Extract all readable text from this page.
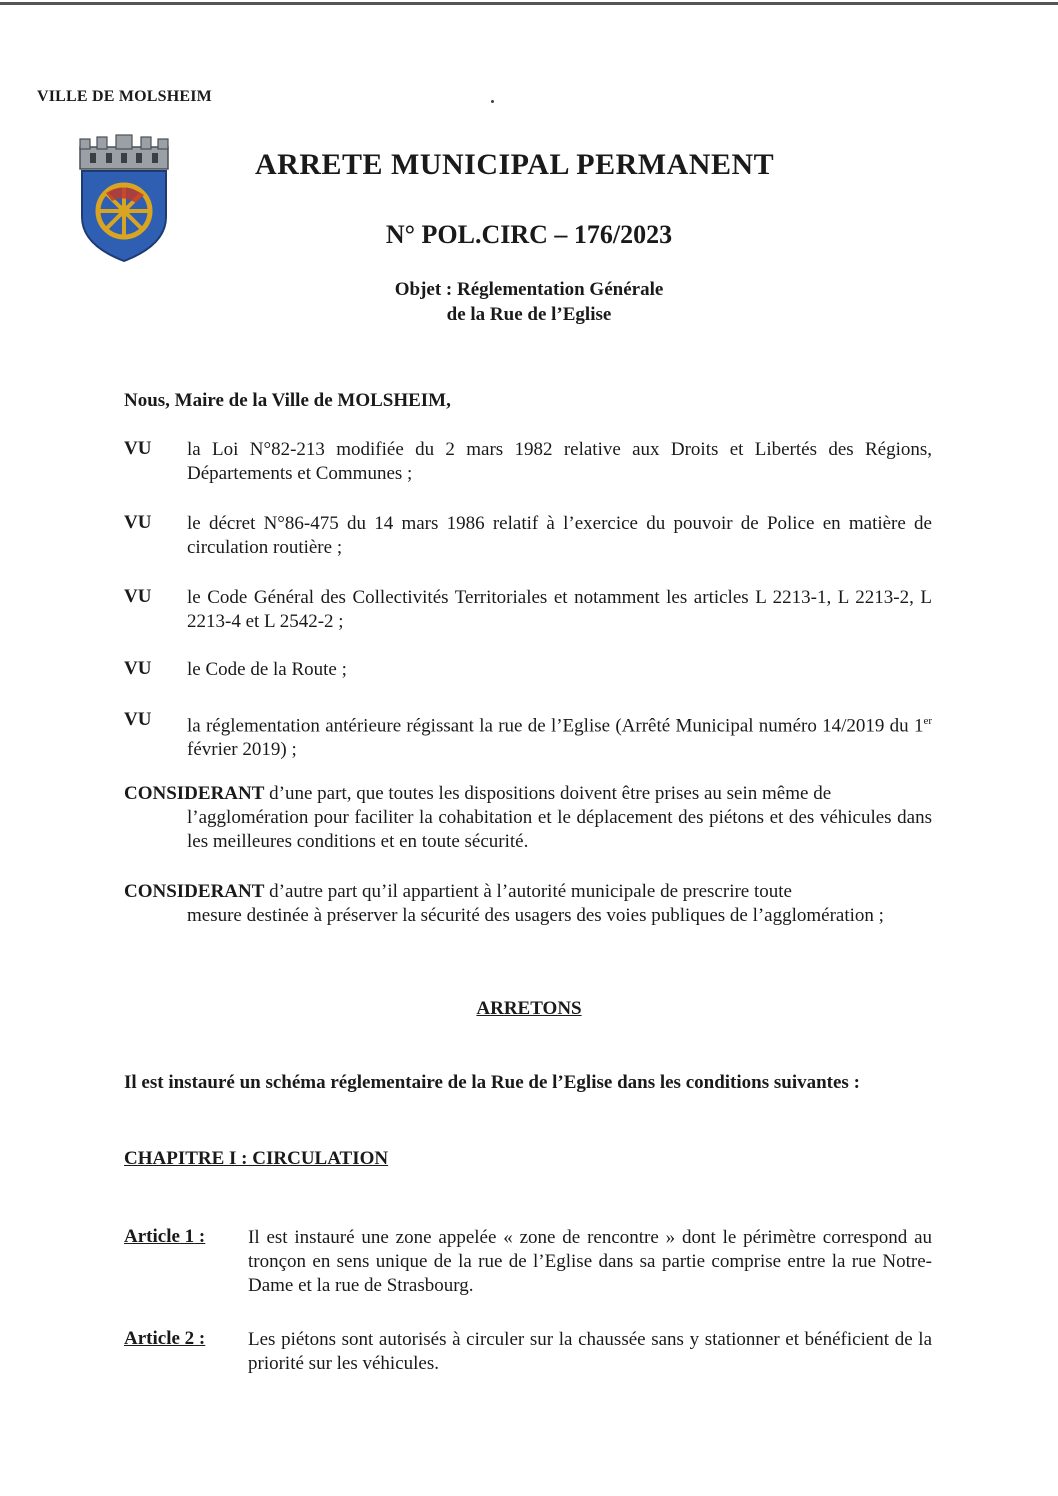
VILLE DE MOLSHEIM
ARRETE MUNICIPAL PERMANENT
N° POL.CIRC – 176/2023
Objet : Réglementation Générale
de la Rue de l’Eglise
Nous, Maire de la Ville de MOLSHEIM,
VU la Loi N°82-213 modifiée du 2 mars 1982 relative aux Droits et Libertés des Régions, Départements et Communes ;
VU le décret N°86-475 du 14 mars 1986 relatif à l’exercice du pouvoir de Police en matière de circulation routière ;
VU le Code Général des Collectivités Territoriales et notamment les articles L 2213-1, L 2213-2, L 2213-4 et L 2542-2 ;
VU le Code de la Route ;
VU la réglementation antérieure régissant la rue de l’Eglise (Arrêté Municipal numéro 14/2019 du 1er février 2019) ;
CONSIDERANT d’une part, que toutes les dispositions doivent être prises au sein même de
l’agglomération pour faciliter la cohabitation et le déplacement des piétons et des véhicules dans les meilleures conditions et en toute sécurité.
CONSIDERANT d’autre part qu’il appartient à l’autorité municipale de prescrire toute
mesure destinée à préserver la sécurité des usagers des voies publiques de l’agglomération ;
ARRETONS
Il est instauré un schéma réglementaire de la Rue de l’Eglise dans les conditions suivantes :
CHAPITRE I : CIRCULATION
Article 1 : Il est instauré une zone appelée « zone de rencontre » dont le périmètre correspond au tronçon en sens unique de la rue de l’Eglise dans sa partie comprise entre la rue Notre-Dame et la rue de Strasbourg.
Article 2 : Les piétons sont autorisés à circuler sur la chaussée sans y stationner et bénéficient de la priorité sur les véhicules.
